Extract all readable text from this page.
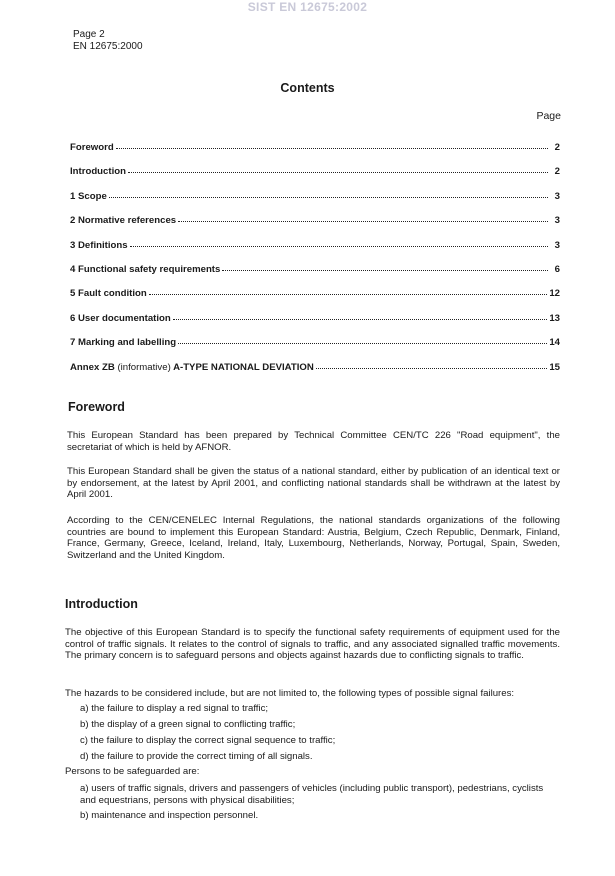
SIST EN 12675:2002
Page 2
EN 12675:2000
Contents
Page
Foreword	2
Introduction	2
1 Scope	3
2 Normative references	3
3 Definitions	3
4 Functional safety requirements	6
5 Fault condition	12
6 User documentation	13
7 Marking and labelling	14
Annex ZB (informative) A-TYPE NATIONAL DEVIATION	15
Foreword
This European Standard has been prepared by Technical Committee CEN/TC 226 "Road equipment", the secretariat of which is held by AFNOR.
This European Standard shall be given the status of a national standard, either by publication of an identical text or by endorsement, at the latest by April 2001, and conflicting national standards shall be withdrawn at the latest by April 2001.
According to the CEN/CENELEC Internal Regulations, the national standards organizations of the following countries are bound to implement this European Standard: Austria, Belgium, Czech Republic, Denmark, Finland, France, Germany, Greece, Iceland, Ireland, Italy, Luxembourg, Netherlands, Norway, Portugal, Spain, Sweden, Switzerland and the United Kingdom.
Introduction
The objective of this European Standard is to specify the functional safety requirements of equipment used for the control of traffic signals. It relates to the control of signals to traffic, and any associated signalled traffic movements. The primary concern is to safeguard persons and objects against hazards due to conflicting signals to traffic.
The hazards to be considered include, but are not limited to, the following types of possible signal failures:
a) the failure to display a red signal to traffic;
b) the display of a green signal to conflicting traffic;
c) the failure to display the correct signal sequence to traffic;
d) the failure to provide the correct timing of all signals.
Persons to be safeguarded are:
a) users of traffic signals, drivers and passengers of vehicles (including public transport), pedestrians, cyclists and equestrians, persons with physical disabilities;
b) maintenance and inspection personnel.
